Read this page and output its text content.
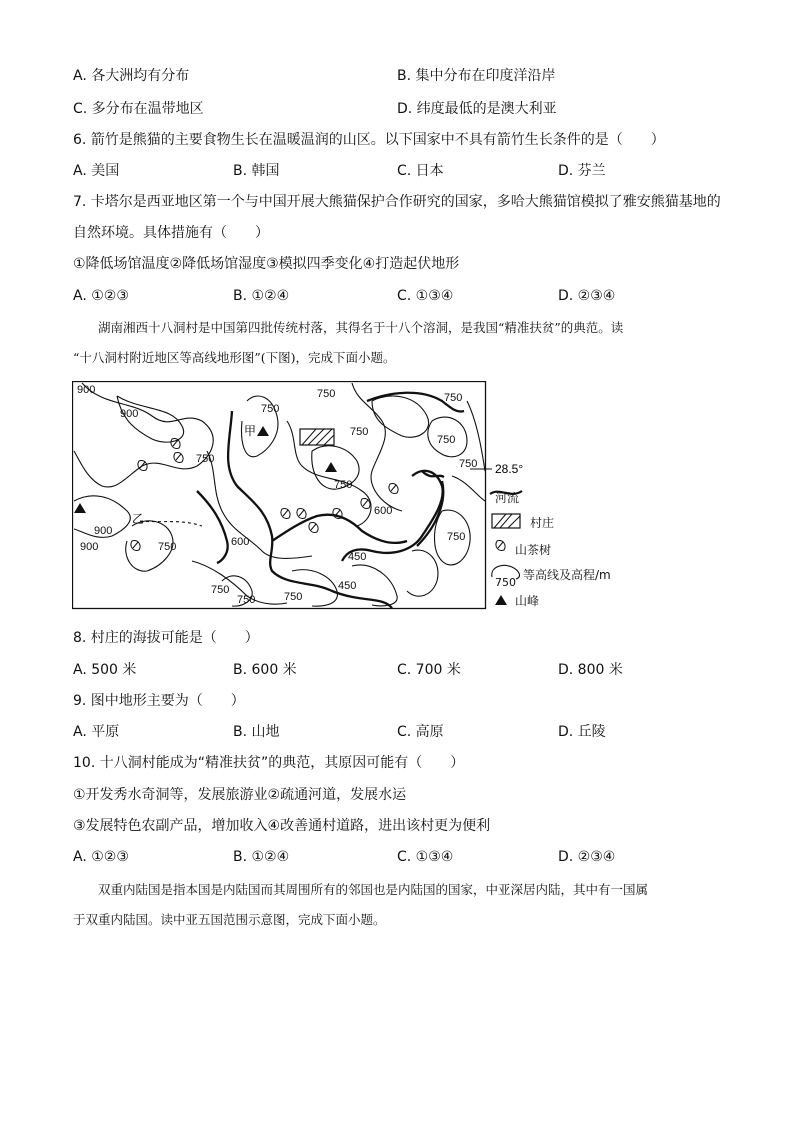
A. 各大洲均有分布	B. 集中分布在印度洋沿岸
C. 多分布在温带地区	D. 纬度最低的是澳大利亚
6. 箭竹是熊猫的主要食物生长在温暖温润的山区。以下国家中不具有箭竹生长条件的是（　　）
A. 美国	B. 韩国	C. 日本	D. 芬兰
7. 卡塔尔是西亚地区第一个与中国开展大熊猫保护合作研究的国家，多哈大熊猫馆模拟了雅安熊猫基地的
自然环境。具体措施有（　　）
①降低场馆温度②降低场馆湿度③模拟四季变化④打造起伏地形
A. ①②③	B. ①②④	C. ①③④	D. ②③④
湖南湘西十八洞村是中国第四批传统村落，其得名于十八个溶洞，是我国“精准扶贫”的典范。读
“十八洞村附近地区等高线地形图”(下图)，完成下面小题。
900
900	750
750	750
750
750
750
750
600
750
900
900	750	600
450
750
450
750
750	750
甲
乙
28.5°
河流
村庄
山茶树
等高线及高程/m
750
山峰
8. 村庄的海拔可能是（　　）
A. 500 米	B. 600 米	C. 700 米	D. 800 米
9. 图中地形主要为（　　）
A. 平原	B. 山地	C. 高原	D. 丘陵
10. 十八洞村能成为“精准扶贫”的典范，其原因可能有（　　）
①开发秀水奇洞等，发展旅游业②疏通河道，发展水运
③发展特色农副产品，增加收入④改善通村道路，进出该村更为便利
A. ①②③	B. ①②④	C. ①③④	D. ②③④
双重内陆国是指本国是内陆国而其周围所有的邻国也是内陆国的国家，中亚深居内陆，其中有一国属
于双重内陆国。读中亚五国范围示意图，完成下面小题。
